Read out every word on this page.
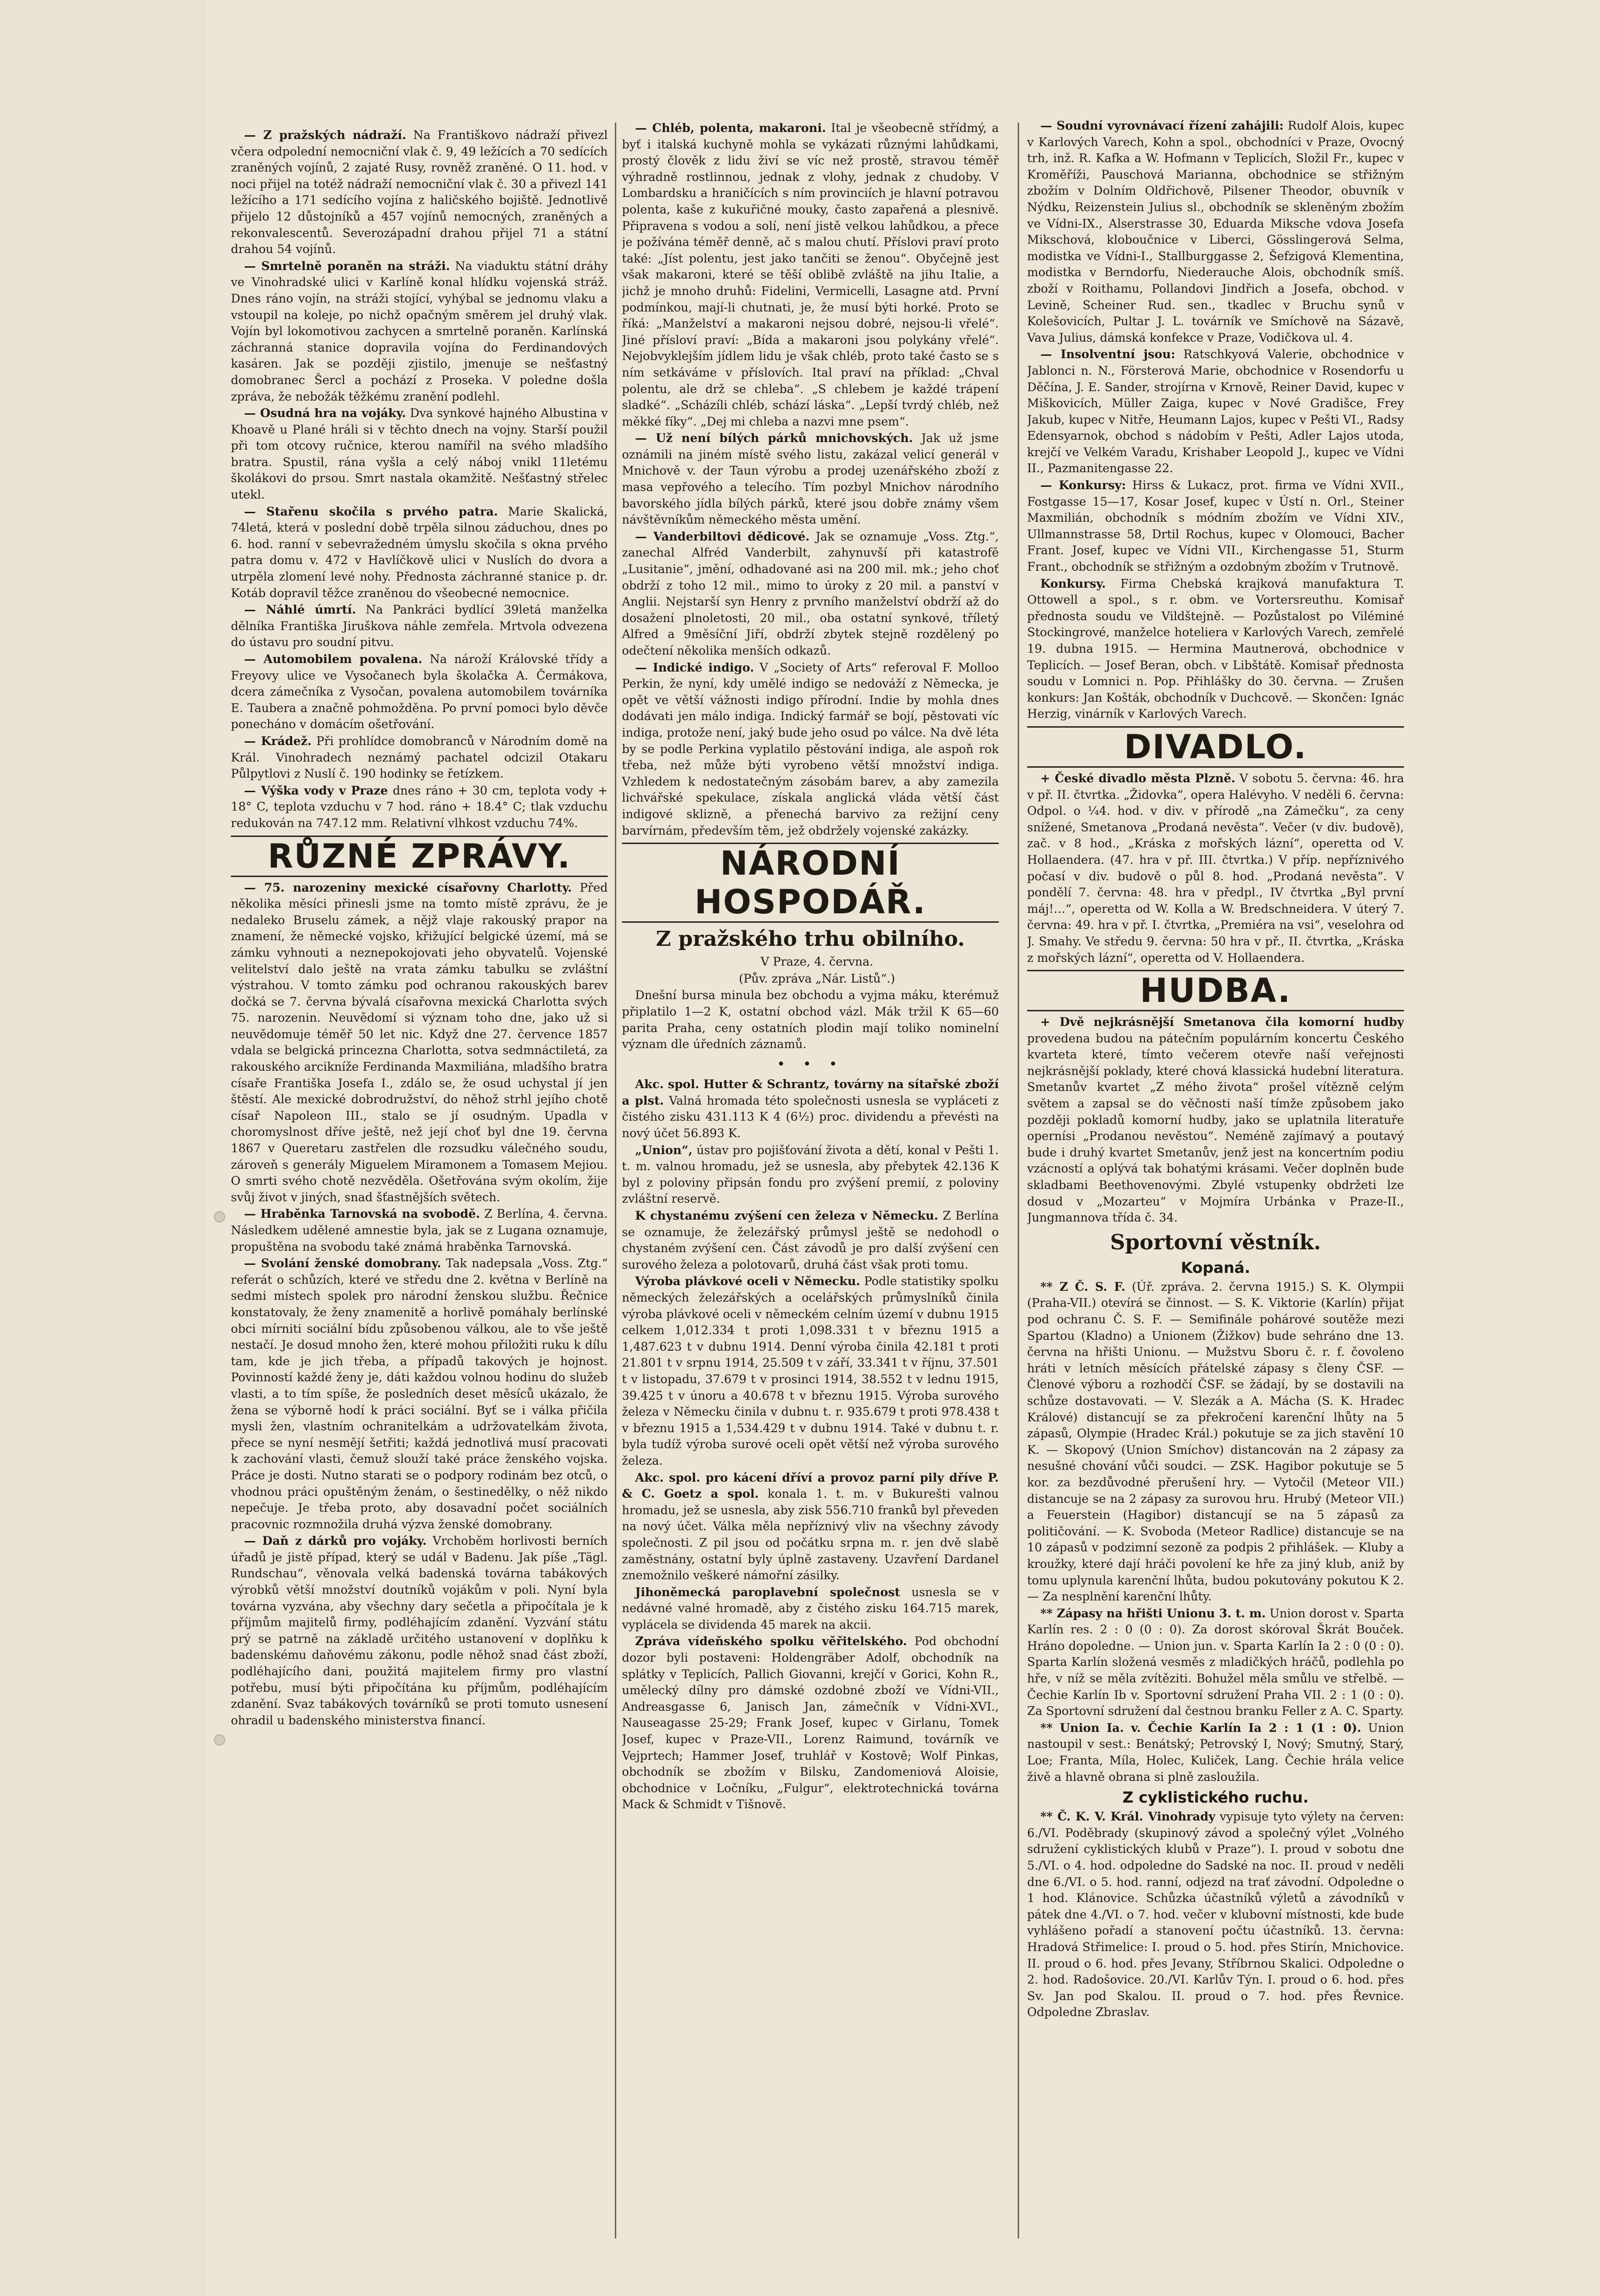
— Z pražských nádraží. Na Františkovo nádraží přivezl včera odpolední nemocniční vlak č. 9, 49 ležících a 70 sedících zraněných vojínů, 2 zajaté Rusy, rovněž zraněné. O 11. hod. v noci přijel na totéž nádraží nemocniční vlak č. 30 a přivezl 141 ležícího a 171 sedícího vojína z haličského bojiště. Jednotlivě přijelo 12 důstojníků a 457 vojínů nemocných, zraněných a rekonvalescentů. Severozápadní drahou přijel 71 a státní drahou 54 vojínů.

— Smrtelně poraněn na stráži. Na viaduktu státní dráhy ve Vinohradské ulici v Karlíně konal hlídku vojenská stráž. Dnes ráno vojín, na stráži stojící, vyhýbal se jednomu vlaku a vstoupil na koleje, po nichž opačným směrem jel druhý vlak. Vojín byl lokomotivou zachycen a smrtelně poraněn. Karlínská záchranná stanice dopravila vojína do Ferdinandových kasáren. Jak se později zjistilo, jmenuje se nešťastný domobranec Šercl a pochází z Proseka. V poledne došla zpráva, že nebožák těžkému zranění podlehl.

— Osudná hra na vojáky. Dva synkové hajného Albustina v Khoavě u Plané hráli si v těchto dnech na vojny. Starší použil při tom otcovy ručnice, kterou namířil na svého mladšího bratra. Spustil, rána vyšla a celý náboj vnikl 11letému školákovi do prsou. Smrt nastala okamžitě. Nešťastný střelec utekl.

— Stařenu skočila s prvého patra. Marie Skalická, 74letá, která v poslední době trpěla silnou záduchou, dnes po 6. hod. ranní v sebevražedném úmyslu skočila s okna prvého patra domu v. 472 v Havlíčkově ulici v Nuslích do dvora a utrpěla zlomení levé nohy. Přednosta záchranné stanice p. dr. Kotáb dopravil těžce zraněnou do všeobecné nemocnice.

— Náhlé úmrtí. Na Pankráci bydlící 39letá manželka dělníka Františka Jiruškova náhle zemřela. Mrtvola odvezena do ústavu pro soudní pitvu.

— Automobilem povalena. Na nároží Královské třídy a Freyovy ulice ve Vysočanech byla školačka A. Čermákova, dcera zámečníka z Vysočan, povalena automobilem továrníka E. Taubera a značně pohmožděna. Po první pomoci bylo děvče ponecháno v domácím ošetřování.

— Krádež. Při prohlídce domobranců v Národním domě na Král. Vinohradech neznámý pachatel odcizil Otakaru Půlpytlovi z Nuslí č. 190 hodinky se řetízkem.

— Výška vody v Praze dnes ráno + 30 cm, teplota vody + 18° C, teplota vzduchu v 7 hod. ráno + 18.4° C; tlak vzduchu redukován na 747.12 mm. Relativní vlhkost vzduchu 74%.

RŮZNÉ ZPRÁVY.

— 75. narozeniny mexické císařovny Charlotty. Před několika měsíci přinesli jsme na tomto místě zprávu, že je nedaleko Bruselu zámek, a nějž vlaje rakouský prapor na znamení, že německé vojsko, křižující belgické území, má se zámku vyhnouti a neznepokojovati jeho obyvatelů. Vojenské velitelství dalo ještě na vrata zámku tabulku se zvláštní výstrahou. V tomto zámku pod ochranou rakouských barev dočká se 7. června bývalá císařovna mexická Charlotta svých 75. narozenin. Neuvědomí si význam toho dne, jako už si neuvědomuje téměř 50 let nic. Když dne 27. července 1857 vdala se belgická princezna Charlotta, sotva sedmnáctiletá, za rakouského arcikníže Ferdinanda Maxmiliána, mladšího bratra císaře Františka Josefa I., zdálo se, že osud uchystal jí jen štěstí. Ale mexické dobrodružství, do něhož strhl jejího chotě císař Napoleon III., stalo se jí osudným. Upadla v choromyslnost dříve ještě, než její choť byl dne 19. června 1867 v Queretaru zastřelen dle rozsudku válečného soudu, zároveň s generály Miguelem Miramonem a Tomasem Mejiou. O smrti svého chotě nezvěděla. Ošetřována svým okolím, žije svůj život v jiných, snad šťastnějších světech.

— Hraběnka Tarnovská na svobodě. Z Berlína, 4. června. Následkem udělené amnestie byla, jak se z Lugana oznamuje, propuštěna na svobodu také známá hraběnka Tarnovská.

— Svolání ženské domobrany. Tak nadepsala „Voss. Ztg.“ referát o schůzích, které ve středu dne 2. května v Berlíně na sedmi místech spolek pro národní ženskou službu. Řečnice konstatovaly, že ženy znamenitě a horlivě pomáhaly berlínské obci mírniti sociální bídu způsobenou válkou, ale to vše ještě nestačí. Je dosud mnoho žen, které mohou přiložiti ruku k dílu tam, kde je jich třeba, a případů takových je hojnost. Povinností každé ženy je, dáti každou volnou hodinu do služeb vlasti, a to tím spíše, že posledních deset měsíců ukázalo, že žena se výborně hodí k práci sociální. Byť se i válka přičila mysli žen, vlastním ochranitelkám a udržovatelkám života, přece se nyní nesmějí šetřiti; každá jednotlivá musí pracovati k zachování vlasti, čemuž slouží také práce ženského vojska. Práce je dosti. Nutno starati se o podpory rodinám bez otců, o vhodnou práci opuštěným ženám, o šestinedělky, o něž nikdo nepečuje. Je třeba proto, aby dosavadní počet sociálních pracovnic rozmnožila druhá výzva ženské domobrany.

— Daň z dárků pro vojáky. Vrchoběm horlivosti berních úřadů je jistě případ, který se udál v Badenu. Jak píše „Tägl. Rundschau“, věnovala velká badenská továrna tabákových výrobků větší množství doutníků vojákům v poli. Nyní byla továrna vyzvána, aby všechny dary sečetla a připočítala je k příjmům majitelů firmy, podléhajícím zdanění. Vyzvání státu prý se patrně na základě určitého ustanovení v doplňku k badenskému daňovému zákonu, podle něhož snad část zboží, podléhajícího dani, použitá majitelem firmy pro vlastní potřebu, musí býti připočítána ku příjmům, podléhajícím zdanění. Svaz tabákových továrníků se proti tomuto usnesení ohradil u badenského ministerstva financí.

— Chléb, polenta, makaroni. Ital je všeobecně střídmý, a byť i italská kuchyně mohla se vykázati různými lahůdkami, prostý člověk z lidu živí se víc než prostě, stravou téměř výhradně rostlinnou, jednak z vlohy, jednak z chudoby. V Lombardsku a hraničících s ním provinciích je hlavní potravou polenta, kaše z kukuřičné mouky, často zapařená a plesnivě. Připravena s vodou a solí, není jistě velkou lahůdkou, a přece je požívána téměř denně, ač s malou chutí. Příslovi praví proto také: „Jíst polentu, jest jako tančiti se ženou“. Obyčejně jest však makaroni, které se těší oblibě zvláště na jihu Italie, a jichž je mnoho druhů: Fidelini, Vermicelli, Lasagne atd. První podmínkou, mají-li chutnati, je, že musí býti horké. Proto se říká: „Manželství a makaroni nejsou dobré, nejsou-li vřelé“. Jiné přísloví praví: „Bída a makaroni jsou polykány vřelé“. Nejobvyklejším jídlem lidu je však chléb, proto také často se s ním setkáváme v příslovích. Ital praví na příklad: „Chval polentu, ale drž se chleba“. „S chlebem je každé trápení sladké“. „Scházíli chléb, schází láska“. „Lepší tvrdý chléb, než měkké fíky“. „Dej mi chleba a nazvi mne psem“.

— Už není bílých párků mnichovských. Jak už jsme oznámili na jiném místě svého listu, zakázal velicí generál v Mnichově v. der Taun výrobu a prodej uzenářského zboží z masa vepřového a telecího. Tím pozbyl Mnichov národního bavorského jídla bílých párků, které jsou dobře známy všem návštěvníkům německého města umění.

— Vanderbiltovi dědicové. Jak se oznamuje „Voss. Ztg.“, zanechal Alfréd Vanderbilt, zahynuvší při katastrofě „Lusitanie“, jmění, odhadované asi na 200 mil. mk.; jeho choť obdrží z toho 12 mil., mimo to úroky z 20 mil. a panství v Anglii. Nejstarší syn Henry z prvního manželství obdrží až do dosažení plnoletosti, 20 mil., oba ostatní synkové, tříletý Alfred a 9měsíční Jiří, obdrží zbytek stejně rozdělený po odečtení několika menších odkazů.

— Indické indigo. V „Society of Arts“ referoval F. Molloo Perkin, že nyní, kdy umělé indigo se nedováží z Německa, je opět ve větší vážnosti indigo přírodní. Indie by mohla dnes dodávati jen málo indiga. Indický farmář se bojí, pěstovati víc indiga, protože není, jaký bude jeho osud po válce. Na dvě léta by se podle Perkina vyplatilo pěstování indiga, ale aspoň rok třeba, než může býti vyrobeno větší množství indiga. Vzhledem k nedostatečným zásobám barev, a aby zamezila lichvářské spekulace, získala anglická vláda větší část indigové sklizně, a přenechá barvivo za režijní ceny barvírnám, především těm, jež obdržely vojenské zakázky.

NÁRODNÍ HOSPODÁŘ.
Z pražského trhu obilního.

V Praze, 4. června.

(Pův. zpráva „Nár. Listů“.)

Dnešní bursa minula bez obchodu a vyjma máku, kterémuž připlatilo 1—2 K, ostatní obchod vázl. Mák tržil K 65—60 parita Praha, ceny ostatních plodin mají toliko nominelní význam dle úředních záznamů.

• • •

Akc. spol. Hutter & Schrantz, továrny na sítařské zboží a plst. Valná hromada této společnosti usnesla se vypláceti z čistého zisku 431.113 K 4 (6½) proc. dividendu a převésti na nový účet 56.893 K.

„Union“, ústav pro pojišťování života a dětí, konal v Pešti 1. t. m. valnou hromadu, jež se usnesla, aby přebytek 42.136 K byl z poloviny připsán fondu pro zvýšení premií, z poloviny zvláštní reservě.

K chystanému zvýšení cen železa v Německu. Z Berlína se oznamuje, že železářský průmysl ještě se nedohodl o chystaném zvýšení cen. Část závodů je pro další zvýšení cen surového železa a polotovarů, druhá část však proti tomu.

Výroba plávkové oceli v Německu. Podle statistiky spolku německých železářských a ocelářských průmyslníků činila výroba plávkové oceli v německém celním území v dubnu 1915 celkem 1,012.334 t proti 1,098.331 t v březnu 1915 a 1,487.623 t v dubnu 1914. Denní výroba činila 42.181 t proti 21.801 t v srpnu 1914, 25.509 t v září, 33.341 t v říjnu, 37.501 t v listopadu, 37.679 t v prosinci 1914, 38.552 t v lednu 1915, 39.425 t v únoru a 40.678 t v březnu 1915. Výroba surového železa v Německu činila v dubnu t. r. 935.679 t proti 978.438 t v březnu 1915 a 1,534.429 t v dubnu 1914. Také v dubnu t. r. byla tudíž výroba surové oceli opět větší než výroba surového železa.

Akc. spol. pro kácení dříví a provoz parní pily dříve P. & C. Goetz a spol. konala 1. t. m. v Bukurešti valnou hromadu, jež se usnesla, aby zisk 556.710 franků byl převeden na nový účet. Válka měla nepříznivý vliv na všechny závody společnosti. Z pil jsou od počátku srpna m. r. jen dvě slabě zaměstnány, ostatní byly úplně zastaveny. Uzavření Dardanel znemožnilo veškeré námořní zásilky.

Jihoněmecká paroplavební společnost usnesla se v nedávné valné hromadě, aby z čistého zisku 164.715 marek, vyplácela se dividenda 45 marek na akcii.

Zpráva vídeňského spolku věřitelského. Pod obchodní dozor byli postaveni: Holdengräber Adolf, obchodník na splátky v Teplicích, Pallich Giovanni, krejčí v Gorici, Kohn R., umělecký dílny pro dámské ozdobné zboží ve Vídni-VII., Andreasgasse 6, Janisch Jan, zámečník v Vídni-XVI., Nauseagasse 25-29; Frank Josef, kupec v Girlanu, Tomek Josef, kupec v Praze-VII., Lorenz Raimund, továrník ve Vejprtech; Hammer Josef, truhlář v Kostově; Wolf Pinkas, obchodník se zbožím v Bilsku, Zandomeniová Aloisie, obchodnice v Ločníku, „Fulgur“, elektrotechnická továrna Mack & Schmidt v Tišnově.

— Soudní vyrovnávací řízení zahájili: Rudolf Alois, kupec v Karlových Varech, Kohn a spol., obchodníci v Praze, Ovocný trh, inž. R. Kafka a W. Hofmann v Teplicích, Složil Fr., kupec v Kroměříži, Pauschová Marianna, obchodnice se střižným zbožím v Dolním Oldřichově, Pilsener Theodor, obuvník v Nýdku, Reizenstein Julius sl., obchodník se skleněným zbožím ve Vídni-IX., Alserstrasse 30, Eduarda Miksche vdova Josefa Mikschová, kloboučnice v Liberci, Gösslingerová Selma, modistka ve Vídni-I., Stallburggasse 2, Šefzigová Klementina, modistka v Berndorfu, Niederauche Alois, obchodník smíš. zboží v Roithamu, Pollandovi Jindřich a Josefa, obchod. v Levině, Scheiner Rud. sen., tkadlec v Bruchu synů v Kolešovicích, Pultar J. L. továrník ve Smíchově na Sázavě, Vava Julius, dámská konfekce v Praze, Vodičkova ul. 4.

— Insolventní jsou: Ratschkyová Valerie, obchodnice v Jablonci n. N., Försterová Marie, obchodnice v Rosendorfu u Děčína, J. E. Sander, strojírna v Krnově, Reiner David, kupec v Miškovicích, Müller Zaiga, kupec v Nové Gradišce, Frey Jakub, kupec v Nitře, Heumann Lajos, kupec v Pešti VI., Radsy Edensyarnok, obchod s nádobím v Pešti, Adler Lajos utoda, krejčí ve Velkém Varadu, Krishaber Leopold J., kupec ve Vídni II., Pazmanitengasse 22.

— Konkursy: Hirss & Lukacz, prot. firma ve Vídni XVII., Fostgasse 15—17, Kosar Josef, kupec v Ústí n. Orl., Steiner Maxmilián, obchodník s módním zbožím ve Vídni XIV., Ullmannstrasse 58, Drtil Rochus, kupec v Olomouci, Bacher Frant. Josef, kupec ve Vídni VII., Kirchengasse 51, Sturm Frant., obchodník se střižným a ozdobným zbožím v Trutnově.

Konkursy. Firma Chebská krajková manufaktura T. Ottowell a spol., s r. obm. ve Vortersreuthu. Komisař přednosta soudu ve Vildštejně. — Pozůstalost po Viléminé Stockingrové, manželce hoteliera v Karlových Varech, zemřelé 19. dubna 1915. — Hermina Mautnerová, obchodnice v Teplicích. — Josef Beran, obch. v Libštátě. Komisař přednosta soudu v Lomnici n. Pop. Přihlášky do 30. června. — Zrušen konkurs: Jan Košták, obchodník v Duchcově. — Skončen: Ignác Herzig, vinárník v Karlových Varech.

DIVADLO.

+ České divadlo města Plzně. V sobotu 5. června: 46. hra v př. II. čtvrtka. „Židovka“, opera Halévyho. V neděli 6. června: Odpol. o ¼4. hod. v div. v přírodě „na Zámečku“, za ceny snížené, Smetanova „Prodaná nevěsta“. Večer (v div. budově), zač. v 8 hod., „Kráska z mořských lázní“, operetta od V. Hollaendera. (47. hra v př. III. čtvrtka.) V příp. nepříznivého počasí v div. budově o půl 8. hod. „Prodaná nevěsta“. V pondělí 7. června: 48. hra v předpl., IV čtvrtka „Byl první máj!…“, operetta od W. Kolla a W. Bredschneidera. V úterý 7. června: 49. hra v př. I. čtvrtka, „Premiéra na vsi“, veselohra od J. Smahy. Ve středu 9. června: 50 hra v př., II. čtvrtka, „Kráska z mořských lázní“, operetta od V. Hollaendera.

HUDBA.

+ Dvě nejkrásnější Smetanova čila komorní hudby provedena budou na pátečním populárním koncertu Českého kvarteta které, tímto večerem otevře naší veřejnosti nejkrásnější poklady, které chová klassická hudební literatura. Smetanův kvartet „Z mého života“ prošel vítězně celým světem a zapsal se do věčnosti naší tímže způsobem jako později pokladů komorní hudby, jako se uplatnila literatuře opernísi „Prodanou nevěstou“. Neméně zajímavý a poutavý bude i druhý kvartet Smetanův, jenž jest na koncertním podiu vzácností a oplývá tak bohatými krásami. Večer doplněn bude skladbami Beethovenovými. Zbylé vstupenky obdržeti lze dosud v „Mozarteu“ v Mojmíra Urbánka v Praze-II., Jungmannova třída č. 34.

Sportovní věstník.
Kopaná.

** Z Č. S. F. (Úř. zpráva. 2. června 1915.) S. K. Olympii (Praha-VII.) otevírá se činnost. — S. K. Viktorie (Karlín) přijat pod ochranu Č. S. F. — Semifinále pohárové soutěže mezi Spartou (Kladno) a Unionem (Žižkov) bude sehráno dne 13. června na hřišti Unionu. — Mužstvu Sboru č. r. f. čovoleno hráti v letních měsících přátelské zápasy s členy ČSF. — Členové výboru a rozhodčí ČSF. se žádají, by se dostavili na schůze dostavovati. — V. Slezák a A. Mácha (S. K. Hradec Králové) distancují se za překročení karenční lhůty na 5 zápasů, Olympie (Hradec Král.) pokutuje se za jich stavění 10 K. — Skopový (Union Smíchov) distancován na 2 zápasy za nesušné chování vůči soudci. — ZSK. Hagibor pokutuje se 5 kor. za bezdůvodné přerušení hry. — Vytočil (Meteor VII.) distancuje se na 2 zápasy za surovou hru. Hrubý (Meteor VII.) a Feuerstein (Hagibor) distancují se na 5 zápasů za političování. — K. Svoboda (Meteor Radlice) distancuje se na 10 zápasů v podzimní sezoně za podpis 2 přihlášek. — Kluby a kroužky, které dají hráči povolení ke hře za jiný klub, aniž by tomu uplynula karenční lhůta, budou pokutovány pokutou K 2. — Za nesplnění karenční lhůty.

** Zápasy na hřišti Unionu 3. t. m. Union dorost v. Sparta Karlín res. 2 : 0 (0 : 0). Za dorost skóroval Škrát Bouček. Hráno dopoledne. — Union jun. v. Sparta Karlín Ia 2 : 0 (0 : 0). Sparta Karlín složená vesměs z mladičkých hráčů, podlehla po hře, v níž se měla zvítěziti. Bohužel měla smůlu ve střelbě. — Čechie Karlín Ib v. Sportovní sdružení Praha VII. 2 : 1 (0 : 0). Za Sportovní sdružení dal čestnou branku Feller z A. C. Sparty.

** Union Ia. v. Čechie Karlín Ia 2 : 1 (1 : 0). Union nastoupil v sest.: Benátský; Petrovský I, Nový; Smutný, Starý, Loe; Franta, Míla, Holec, Kuliček, Lang. Čechie hrála velice živě a hlavně obrana si plně zasloužila.

Z cyklistického ruchu.

** Č. K. V. Král. Vinohrady vypisuje tyto výlety na červen: 6./VI. Poděbrady (skupinový závod a společný výlet „Volného sdružení cyklistických klubů v Praze“). I. proud v sobotu dne 5./VI. o 4. hod. odpoledne do Sadské na noc. II. proud v neděli dne 6./VI. o 5. hod. ranní, odjezd na trať závodní. Odpoledne o 1 hod. Klánovice. Schůzka účastníků výletů a závodníků v pátek dne 4./VI. o 7. hod. večer v klubovní místnosti, kde bude vyhlášeno pořadí a stanovení počtu účastníků. 13. června: Hradová Střimelice: I. proud o 5. hod. přes Stirín, Mnichovice. II. proud o 6. hod. přes Jevany, Stříbrnou Skalici. Odpoledne o 2. hod. Radošovice. 20./VI. Karlův Týn. I. proud o 6. hod. přes Sv. Jan pod Skalou. II. proud o 7. hod. přes Řevnice. Odpoledne Zbraslav.
